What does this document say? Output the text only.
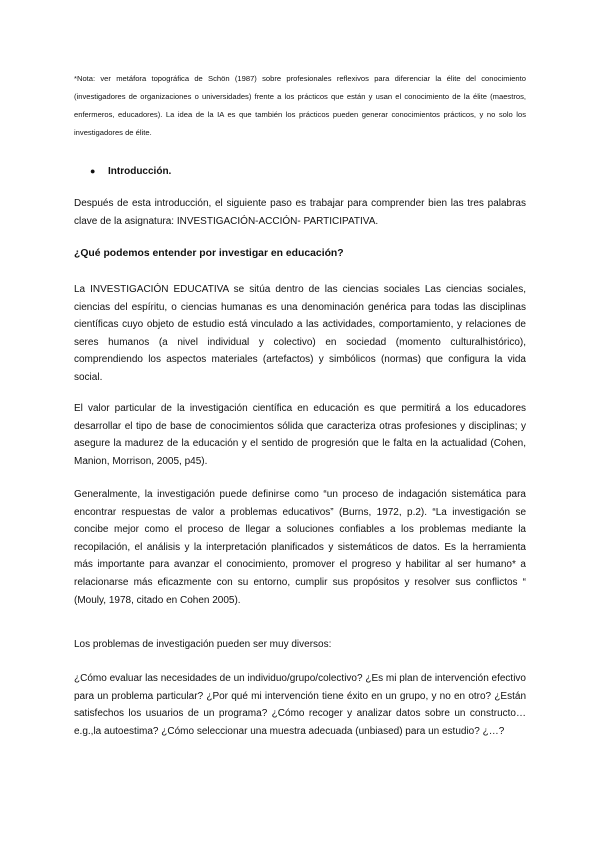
*Nota: ver metáfora topográfica de Schön (1987) sobre profesionales reflexivos para diferenciar la élite del conocimiento (investigadores de organizaciones o universidades) frente a los prácticos que están y usan el conocimiento de la élite (maestros, enfermeros, educadores). La idea de la IA es que también los prácticos pueden generar conocimientos prácticos, y no solo los investigadores de élite.

● Introducción.

Después de esta introducción, el siguiente paso es trabajar para comprender bien las tres palabras clave de la asignatura: INVESTIGACIÓN-ACCIÓN- PARTICIPATIVA.

¿Qué podemos entender por investigar en educación?

La INVESTIGACIÓN EDUCATIVA se sitúa dentro de las ciencias sociales Las ciencias sociales, ciencias del espíritu, o ciencias humanas es una denominación genérica para todas las disciplinas científicas cuyo objeto de estudio está vinculado a las actividades, comportamiento, y relaciones de seres humanos (a nivel individual y colectivo) en sociedad (momento culturalhistórico), comprendiendo los aspectos materiales (artefactos) y simbólicos (normas) que configura la vida social.

El valor particular de la investigación científica en educación es que permitirá a los educadores desarrollar el tipo de base de conocimientos sólida que caracteriza otras profesiones y disciplinas; y asegure la madurez de la educación y el sentido de progresión que le falta en la actualidad (Cohen, Manion, Morrison, 2005, p45).

Generalmente, la investigación puede definirse como “un proceso de indagación sistemática para encontrar respuestas de valor a problemas educativos” (Burns, 1972, p.2). “La investigación se concibe mejor como el proceso de llegar a soluciones confiables a los problemas mediante la recopilación, el análisis y la interpretación planificados y sistemáticos de datos. Es la herramienta más importante para avanzar el conocimiento, promover el progreso y habilitar al ser humano* a relacionarse más eficazmente con su entorno, cumplir sus propósitos y resolver sus conflictos “ (Mouly, 1978, citado en Cohen 2005).

Los problemas de investigación pueden ser muy diversos:

¿Cómo evaluar las necesidades de un individuo/grupo/colectivo? ¿Es mi plan de intervención efectivo para un problema particular? ¿Por qué mi intervención tiene éxito en un grupo, y no en otro? ¿Están satisfechos los usuarios de un programa? ¿Cómo recoger y analizar datos sobre un constructo… e.g.,la autoestima? ¿Cómo seleccionar una muestra adecuada (unbiased) para un estudio? ¿…?
